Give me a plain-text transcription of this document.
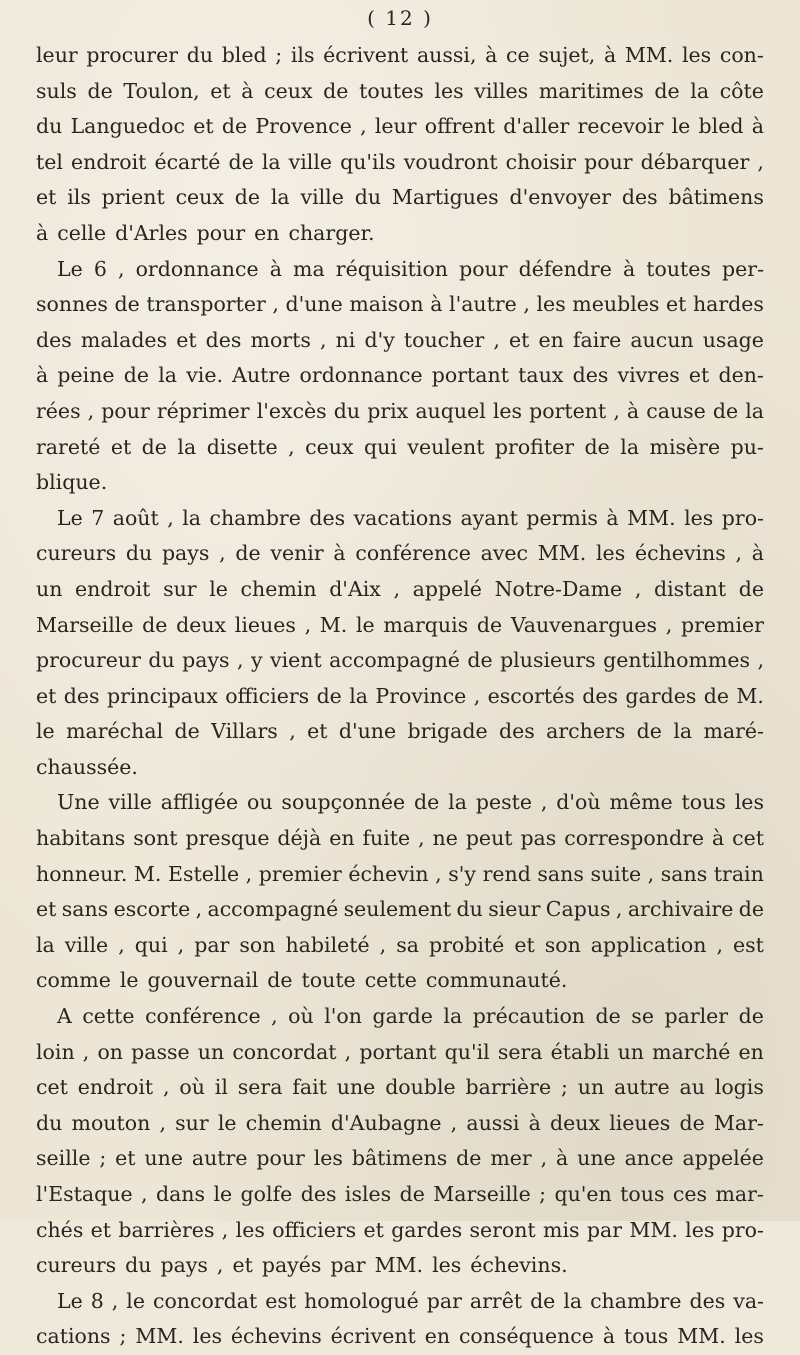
( 12 )
leur procurer du bled ; ils écrivent aussi, à ce sujet, à MM. les con-
suls de Toulon, et à ceux de toutes les villes maritimes de la côte
du Languedoc et de Provence , leur offrent d'aller recevoir le bled à
tel endroit écarté de la ville qu'ils voudront choisir pour débarquer ,
et ils prient ceux de la ville du Martigues d'envoyer des bâtimens
à celle d'Arles pour en charger.
Le 6 , ordonnance à ma réquisition pour défendre à toutes per-
sonnes de transporter , d'une maison à l'autre , les meubles et hardes
des malades et des morts , ni d'y toucher , et en faire aucun usage
à peine de la vie. Autre ordonnance portant taux des vivres et den-
rées , pour réprimer l'excès du prix auquel les portent , à cause de la
rareté et de la disette , ceux qui veulent profiter de la misère pu-
blique.
Le 7 août , la chambre des vacations ayant permis à MM. les pro-
cureurs du pays , de venir à conférence avec MM. les échevins , à
un endroit sur le chemin d'Aix , appelé Notre-Dame , distant de
Marseille de deux lieues , M. le marquis de Vauvenargues , premier
procureur du pays , y vient accompagné de plusieurs gentilhommes ,
et des principaux officiers de la Province , escortés des gardes de M.
le maréchal de Villars , et d'une brigade des archers de la maré-
chaussée.
Une ville affligée ou soupçonnée de la peste , d'où même tous les
habitans sont presque déjà en fuite , ne peut pas correspondre à cet
honneur. M. Estelle , premier échevin , s'y rend sans suite , sans train
et sans escorte , accompagné seulement du sieur Capus , archivaire de
la ville , qui , par son habileté , sa probité et son application , est
comme le gouvernail de toute cette communauté.
A cette conférence , où l'on garde la précaution de se parler de
loin , on passe un concordat , portant qu'il sera établi un marché en
cet endroit , où il sera fait une double barrière ; un autre au logis
du mouton , sur le chemin d'Aubagne , aussi à deux lieues de Mar-
seille ; et une autre pour les bâtimens de mer , à une ance appelée
l'Estaque , dans le golfe des isles de Marseille ; qu'en tous ces mar-
chés et barrières , les officiers et gardes seront mis par MM. les pro-
cureurs du pays , et payés par MM. les échevins.
Le 8 , le concordat est homologué par arrêt de la chambre des va-
cations ; MM. les échevins écrivent en conséquence à tous MM. les
